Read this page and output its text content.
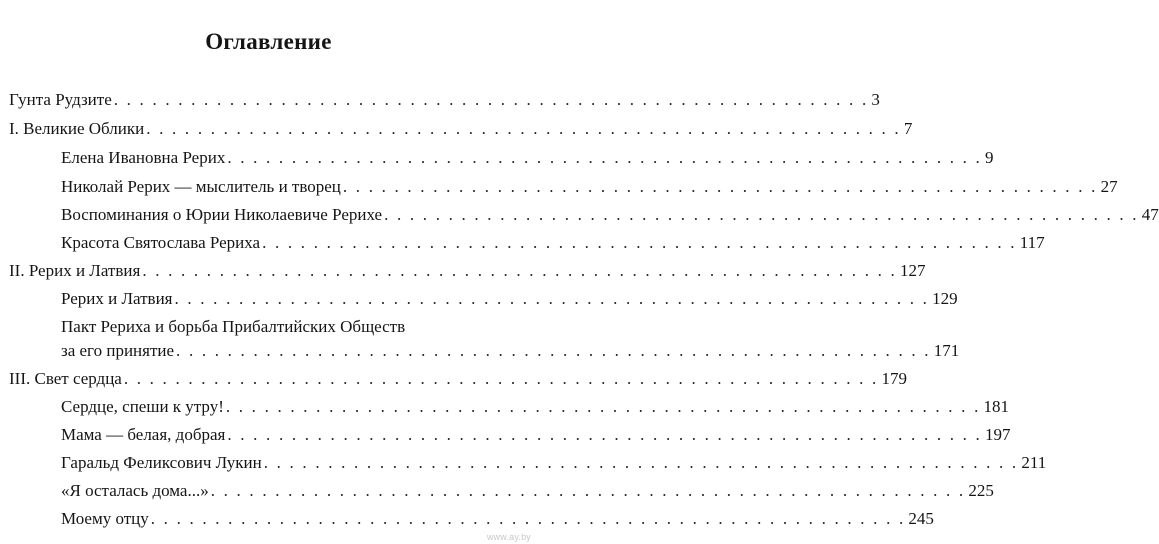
Оглавление
Гунта Рудзите . . . . . . . . . . . . . . . . . . . . . . . . . . . . . . . . . . . . . . . . . . . . . . . . . . . . . . . . . . . 3
I. Великие Облики . . . . . . . . . . . . . . . . . . . . . . . . . . . . . . . . . . . . . . . . . . . . . . . . . . . . . . . . . . . 7
Елена Ивановна Рерих . . . . . . . . . . . . . . . . . . . . . . . . . . . . . . . . . . . . . . . . . . . . . . . . . . . . . . . . . . . 9
Николай Рерих — мыслитель и творец . . . . . . . . . . . . . . . . . . . . . . . . . . . . . . . . . . . . . . . . . . . . . . . . . . . . . . . . . . . 27
Воспоминания о Юрии Николаевиче Рерихе . . . . . . . . . . . . . . . . . . . . . . . . . . . . . . . . . . . . . . . . . . . . . . . . . . . . . . . . . . . 47
Красота Святослава Рериха . . . . . . . . . . . . . . . . . . . . . . . . . . . . . . . . . . . . . . . . . . . . . . . . . . . . . . . . . . . 117
II. Рерих и Латвия . . . . . . . . . . . . . . . . . . . . . . . . . . . . . . . . . . . . . . . . . . . . . . . . . . . . . . . . . . . 127
Рерих и Латвия . . . . . . . . . . . . . . . . . . . . . . . . . . . . . . . . . . . . . . . . . . . . . . . . . . . . . . . . . . . 129
Пакт Рериха и борьба Прибалтийских Обществ
за его принятие . . . . . . . . . . . . . . . . . . . . . . . . . . . . . . . . . . . . . . . . . . . . . . . . . . . . . . . . . . . 171
III. Свет сердца . . . . . . . . . . . . . . . . . . . . . . . . . . . . . . . . . . . . . . . . . . . . . . . . . . . . . . . . . . . 179
Сердце, спеши к утру! . . . . . . . . . . . . . . . . . . . . . . . . . . . . . . . . . . . . . . . . . . . . . . . . . . . . . . . . . . . 181
Мама — белая, добрая . . . . . . . . . . . . . . . . . . . . . . . . . . . . . . . . . . . . . . . . . . . . . . . . . . . . . . . . . . . 197
Гаральд Феликсович Лукин . . . . . . . . . . . . . . . . . . . . . . . . . . . . . . . . . . . . . . . . . . . . . . . . . . . . . . . . . . . 211
«Я осталась дома...» . . . . . . . . . . . . . . . . . . . . . . . . . . . . . . . . . . . . . . . . . . . . . . . . . . . . . . . . . . . 225
Моему отцу . . . . . . . . . . . . . . . . . . . . . . . . . . . . . . . . . . . . . . . . . . . . . . . . . . . . . . . . . . . 245
www.ay.by
